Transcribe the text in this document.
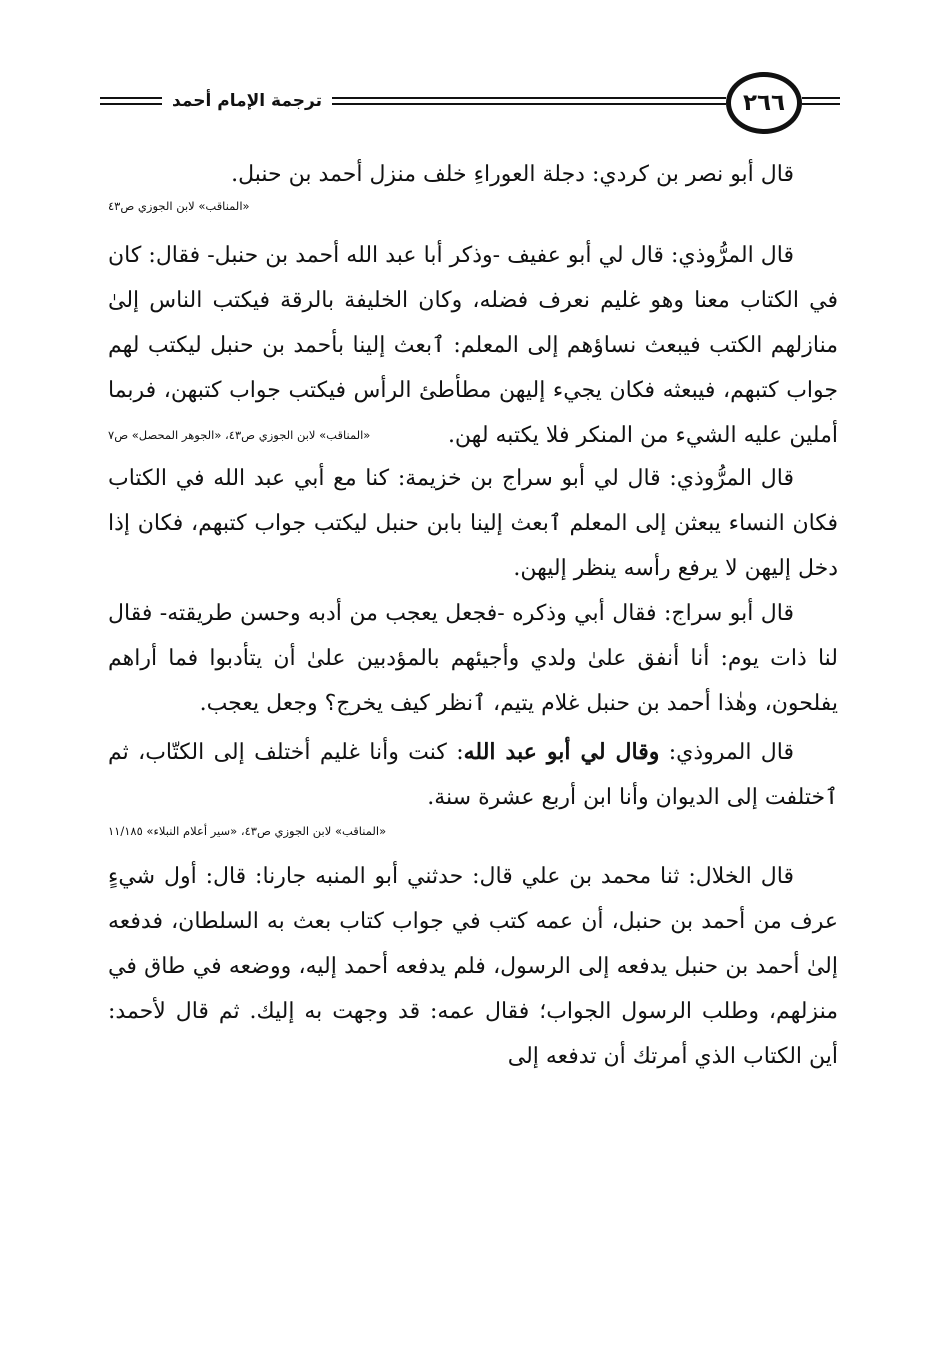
ترجمة الإمام أحمد	٢٦٦

قال أبو نصر بن كردي: دجلة العوراءِ خلف منزل أحمد بن حنبل.

«المناقب» لابن الجوزي ص٤٣

قال المرُّوذي: قال لي أبو عفيف -وذكر أبا عبد الله أحمد بن حنبل- فقال: كان في الكتاب معنا وهو غليم نعرف فضله، وكان الخليفة بالرقة فيكتب الناس إلىٰ منازلهم الكتب فيبعث نساؤهم إلى المعلم: ٱبعث إلينا بأحمد بن حنبل ليكتب لهم جواب كتبهم، فيبعثه فكان يجيء إليهن مطأطئ الرأس فيكتب جواب كتبهن، فربما أملين عليه الشيء من المنكر فلا يكتبه لهن.

«المناقب» لابن الجوزي ص٤٣، «الجوهر المحصل» ص٧

قال المرُّوذي: قال لي أبو سراج بن خزيمة: كنا مع أبي عبد الله في الكتاب فكان النساء يبعثن إلى المعلم ٱبعث إلينا بابن حنبل ليكتب جواب كتبهم، فكان إذا دخل إليهن لا يرفع رأسه ينظر إليهن.

قال أبو سراج: فقال أبي وذكره -فجعل يعجب من أدبه وحسن طريقته- فقال لنا ذات يوم: أنا أنفق علىٰ ولدي وأجيئهم بالمؤدبين علىٰ أن يتأدبوا فما أراهم يفلحون، وهٰذا أحمد بن حنبل غلام يتيم، ٱنظر كيف يخرج؟ وجعل يعجب.

قال المروذي: وقال لي أبو عبد الله: كنت وأنا غليم أختلف إلى الكتّاب، ثم ٱختلفت إلى الديوان وأنا ابن أربع عشرة سنة.

«المناقب» لابن الجوزي ص٤٣، «سير أعلام النبلاء» ١١/١٨٥

قال الخلال: ثنا محمد بن علي قال: حدثني أبو المنبه جارنا: قال: أول شيءٍ عرف من أحمد بن حنبل، أن عمه كتب في جواب كتاب بعث به السلطان، فدفعه إلىٰ أحمد بن حنبل يدفعه إلى الرسول، فلم يدفعه أحمد إليه، ووضعه في طاق في منزلهم، وطلب الرسول الجواب؛ فقال عمه: قد وجهت به إليك. ثم قال لأحمد: أين الكتاب الذي أمرتك أن تدفعه إلى
